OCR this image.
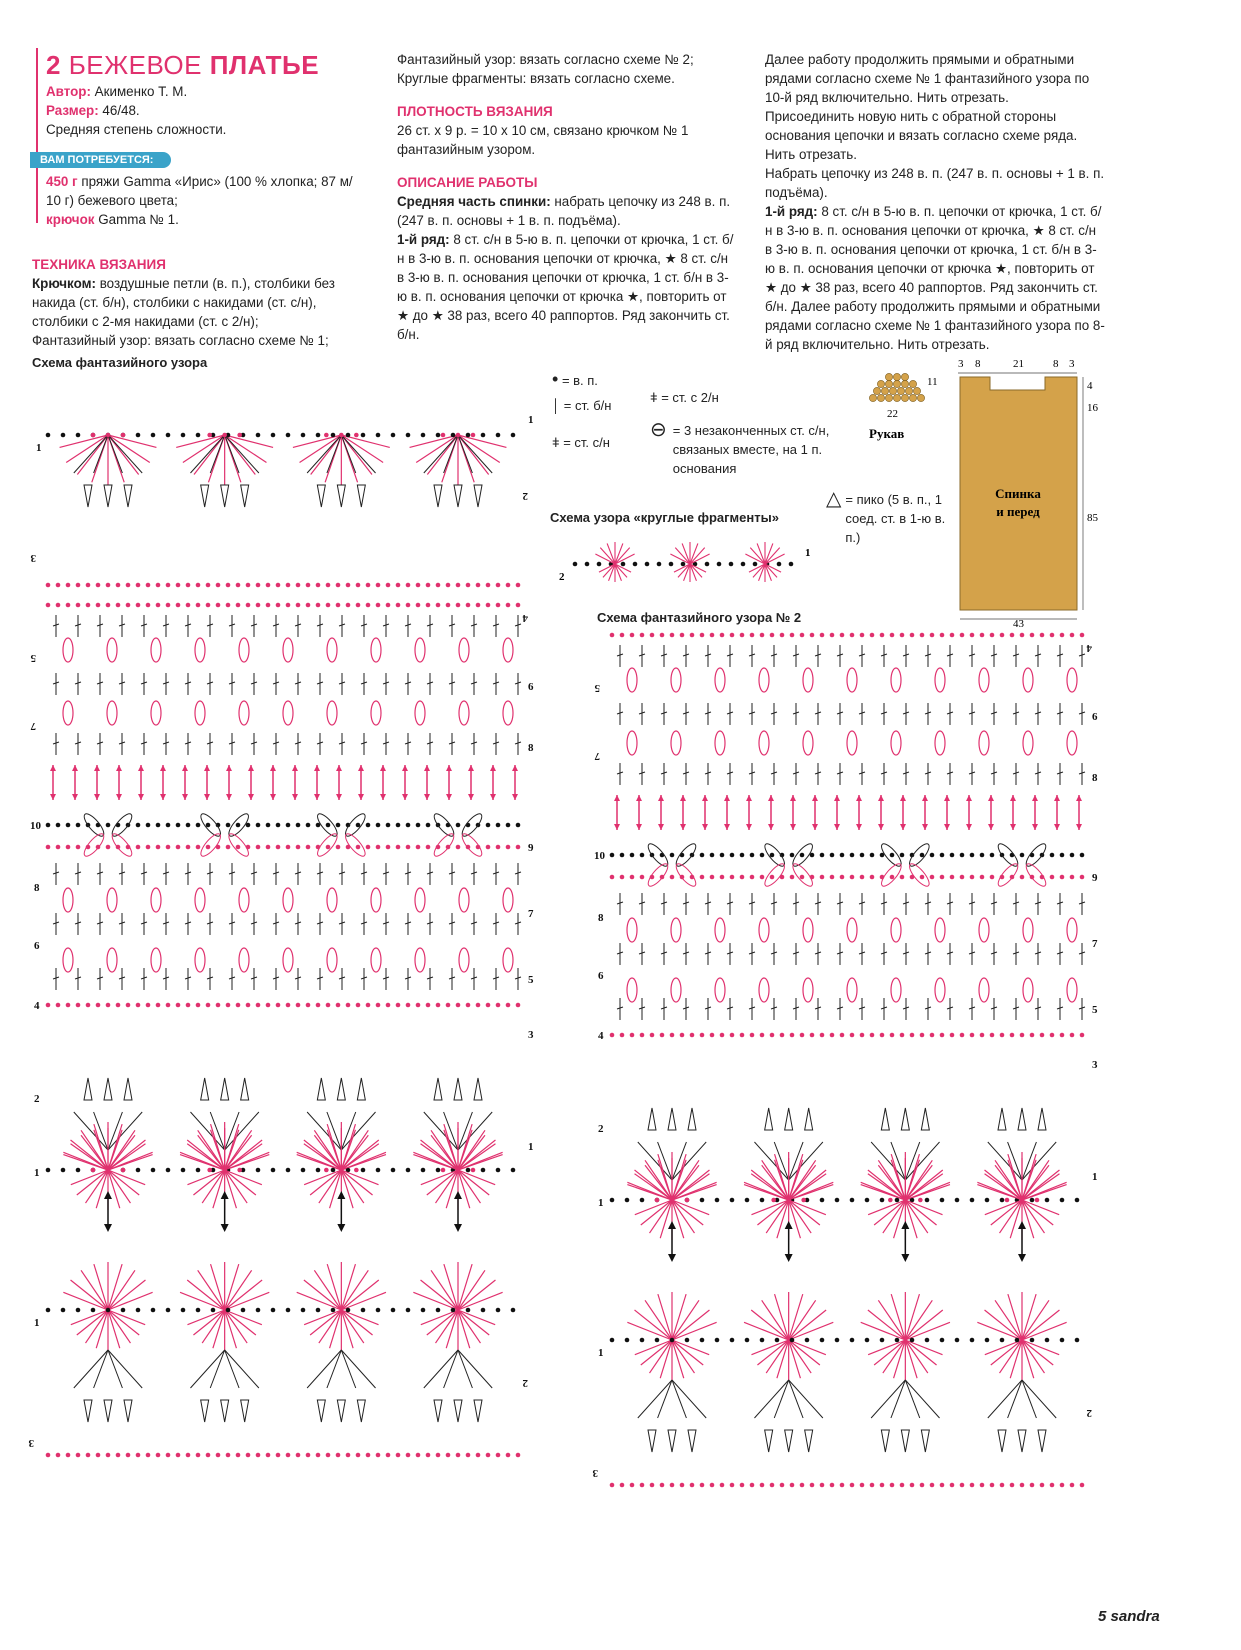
2 БЕЖЕВОЕ ПЛАТЬЕ

Автор: Акименко Т. М.

Размер: 46/48.

Средняя степень сложности.

ВАМ ПОТРЕБУЕТСЯ:

450 г пряжи Gamma «Ирис» (100 % хлопка; 87 м/ 10 г) бежевого цвета;

крючок Gamma № 1.

ТЕХНИКА ВЯЗАНИЯ

Крючком: воздушные петли (в. п.), столбики без накида (ст. б/н), столбики с накидами (ст. с/н), столбики с 2-мя накидами (ст. с 2/н);

Фантазийный узор: вязать согласно схеме № 1;

Фантазийный узор: вязать согласно схеме № 2;

Круглые фрагменты: вязать согласно схеме.

ПЛОТНОСТЬ ВЯЗАНИЯ

26 ст. х 9 р. = 10 х 10 см, связано крючком № 1 фантазийным узором.

ОПИСАНИЕ РАБОТЫ

Средняя часть спинки: набрать цепочку из 248 в. п. (247 в. п. основы + 1 в. п. подъёма).

1-й ряд: 8 ст. с/н в 5-ю в. п. цепочки от крючка, 1 ст. б/н в 3-ю в. п. основания цепочки от крючка, ★ 8 ст. с/н в 3-ю в. п. основания цепочки от крючка, 1 ст. б/н в 3-ю в. п. основания цепочки от крючка ★, повторить от ★ до ★ 38 раз, всего 40 раппортов. Ряд закончить ст. б/н.

Далее работу продолжить прямыми и обратными рядами согласно схеме № 1 фантазийного узора по 10-й ряд включительно. Нить отрезать.

Присоединить новую нить с обратной стороны основания цепочки и вязать согласно схеме ряда. Нить отрезать.

Набрать цепочку из 248 в. п. (247 в. п. основы + 1 в. п. подъёма).

1-й ряд: 8 ст. с/н в 5-ю в. п. цепочки от крючка, 1 ст. б/н в 3-ю в. п. основания цепочки от крючка, ★ 8 ст. с/н в 3-ю в. п. основания цепочки от крючка, 1 ст. б/н в 3-ю в. п. основания цепочки от крючка ★, повторить от ★ до ★ 38 раз, всего 40 раппортов. Ряд закончить ст. б/н. Далее работу продолжить прямыми и обратными рядами согласно схеме № 1 фантазийного узора по 8-й ряд включительно. Нить отрезать.

Схема фантазийного узора
Схема узора «круглые фрагменты»
Схема фантазийного узора № 2
• = в. п.
│ = ст. б/н
ǂ = ст. с/н
ǂ = ст. с 2/н
⊖ = 3 незаконченных ст. с/н, связаных вместе, на 1 п. основания
△ = пико (5 в. п., 1 соед. ст. в 1-ю в. п.)
22
11
Рукав
Спинка
и перед
3 8	21	8 3
4
16
85
43
1
2
1
1
2
3
5
4
6
7
8
10
9
8
7
6
5
4
3
2
1
1
1
2
3
5
4
6
7
8
10
9
8
7
6
5
4
3
2
1
1
1
2
3
5 sandra
